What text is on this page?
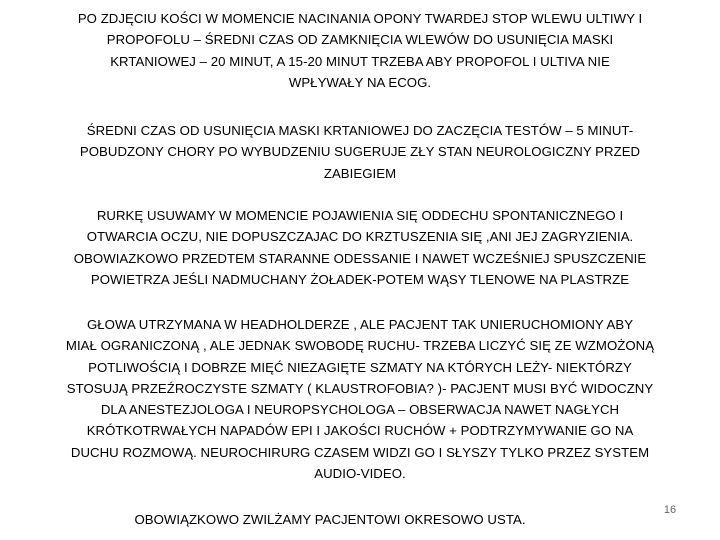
PO ZDJĘCIU KOŚCI W MOMENCIE NACINANIA OPONY TWARDEJ STOP WLEWU ULTIWY I
PROPOFOLU – ŚREDNI CZAS OD ZAMKNIĘCIA WLEWÓW DO USUNIĘCIA MASKI
KRTANIOWEJ – 20 MINUT, A 15-20 MINUT TRZEBA ABY PROPOFOL I ULTIVA NIE
WPŁYWAŁY NA ECOG.

ŚREDNI CZAS OD USUNIĘCIA MASKI KRTANIOWEJ DO ZACZĘCIA TESTÓW – 5 MINUT-
POBUDZONY CHORY PO WYBUDZENIU SUGERUJE ZŁY STAN NEUROLOGICZNY PRZED
ZABIEGIEM

RURKĘ USUWAMY W MOMENCIE POJAWIENIA SIĘ ODDECHU SPONTANICZNEGO I
OTWARCIA OCZU, NIE DOPUSZCZAJAC DO KRZTUSZENIA SIĘ ,ANI JEJ ZAGRYZIENIA.
OBOWIAZKOWO PRZEDTEM STARANNE ODESSANIE I NAWET WCZEŚNIEJ SPUSZCZENIE
POWIETRZA JEŚLI NADMUCHANY ŻOŁADEK-POTEM WĄSY TLENOWE NA PLASTRZE

GŁOWA UTRZYMANA W HEADHOLDERZE , ALE PACJENT TAK UNIERUCHOMIONY ABY
MIAŁ OGRANICZONĄ , ALE JEDNAK SWOBODĘ RUCHU- TRZEBA LICZYĆ SIĘ ZE WZMOŻONĄ
POTLIWOŚCIĄ I DOBRZE MIĘĆ NIEZAGIĘTE SZMATY NA KTÓRYCH LEŻY- NIEKTÓRZY
STOSUJĄ PRZEŹROCZYSTE SZMATY ( KLAUSTROFOBIA? )- PACJENT MUSI BYĆ WIDOCZNY
DLA ANESTEZJOLOGA I NEUROPSYCHOLOGA – OBSERWACJA NAWET NAGŁYCH
KRÓTKOTRWAŁYCH NAPADÓW EPI I JAKOŚCI RUCHÓW + PODTRZYMYWANIE GO NA
DUCHU ROZMOWĄ. NEUROCHIRURG CZASEM WIDZI GO I SŁYSZY TYLKO PRZEZ SYSTEM
AUDIO-VIDEO.

OBOWIĄZKOWO ZWILŻAMY PACJENTOWI OKRESOWO USTA.

16
